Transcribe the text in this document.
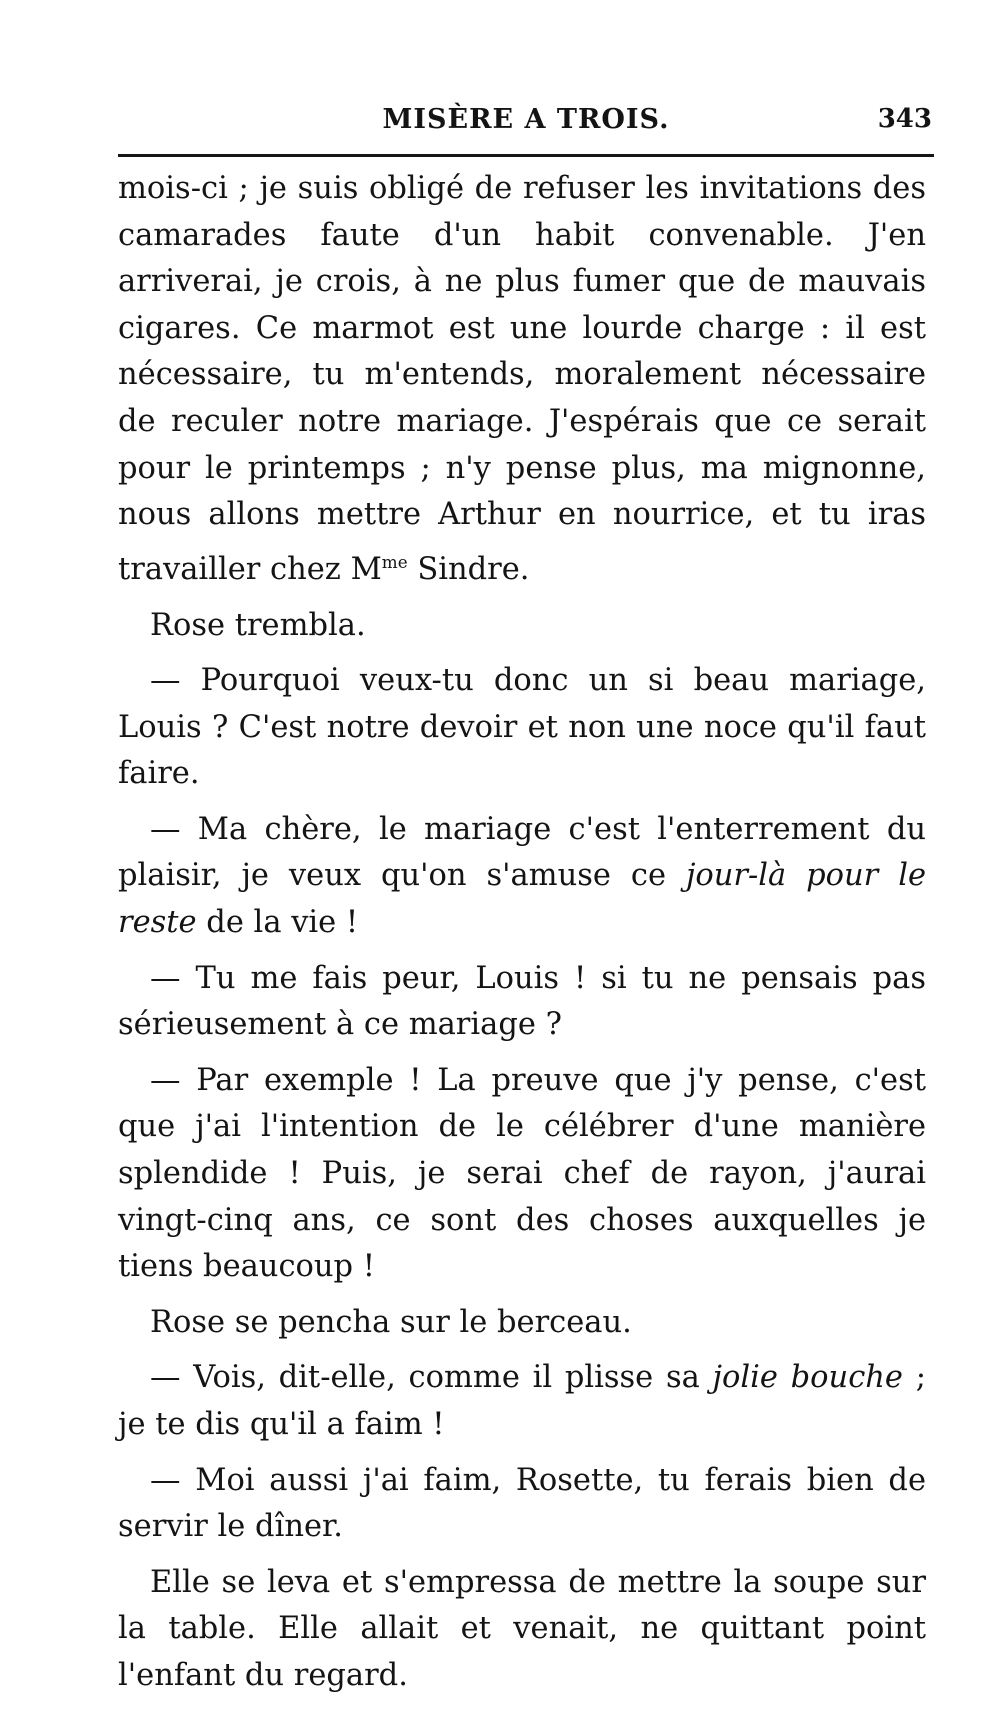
MISÈRE A TROIS.	343

mois-ci ; je suis obligé de refuser les invitations des camarades faute d'un habit convenable. J'en arriverai, je crois, à ne plus fumer que de mauvais cigares. Ce marmot est une lourde charge : il est nécessaire, tu m'entends, moralement nécessaire de reculer notre mariage. J'espérais que ce serait pour le printemps ; n'y pense plus, ma mignonne, nous allons mettre Arthur en nourrice, et tu iras travailler chez $M^{me}$ Sindre.

Rose trembla.

— Pourquoi veux-tu donc un si beau mariage, Louis ? C'est notre devoir et non une noce qu'il faut faire.

— Ma chère, le mariage c'est l'enterrement du plaisir, je veux qu'on s'amuse ce jour-là pour le reste de la vie !

— Tu me fais peur, Louis ! si tu ne pensais pas sérieusement à ce mariage ?

— Par exemple ! La preuve que j'y pense, c'est que j'ai l'intention de le célébrer d'une manière splendide ! Puis, je serai chef de rayon, j'aurai vingt-cinq ans, ce sont des choses auxquelles je tiens beaucoup !

Rose se pencha sur le berceau.

— Vois, dit-elle, comme il plisse sa jolie bouche ; je te dis qu'il a faim !

— Moi aussi j'ai faim, Rosette, tu ferais bien de servir le dîner.

Elle se leva et s'empressa de mettre la soupe sur la table. Elle allait et venait, ne quittant point l'enfant du regard.
